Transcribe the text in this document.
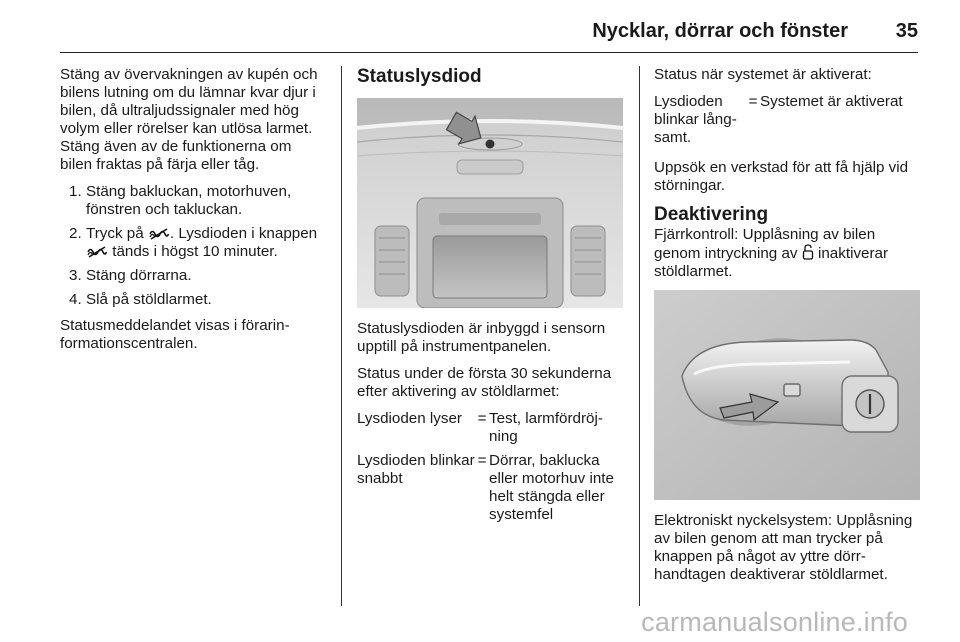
Nycklar, dörrar och fönster 35

Stäng av övervakningen av kupén och bilens lutning om du lämnar kvar djur i bilen, då ultraljudssignaler med hög volym eller rörelser kan utlösa larmet. Stäng även av de funktionerna om bilen fraktas på färja eller tåg.

1. Stäng bakluckan, motorhuven, fönstren och takluckan.
2. Tryck på . Lysdioden i knappen  tänds i högst 10 minuter.
3. Stäng dörrarna.
4. Slå på stöldlarmet.

Statusmeddelandet visas i förarinformationscentralen.

Statuslysdiod

Statuslysdioden är inbyggd i sensorn upptill på instrumentpanelen.

Status under de första 30 sekunderna efter aktivering av stöldlarmet:

Lysdioden lyser	=	Test, larmfördröjning
Lysdioden blinkar snabbt	=	Dörrar, baklucka eller motorhuv inte helt stängda eller systemfel

Status när systemet är aktiverat:

Lysdioden blinkar långsamt.	=	Systemet är aktiverat

Uppsök en verkstad för att få hjälp vid störningar.

Deaktivering

Fjärrkontroll: Upplåsning av bilen genom intryckning av inaktiverar stöldlarmet.

Elektroniskt nyckelsystem: Upplåsning av bilen genom att man trycker på knappen på något av yttre dörrhandtagen deaktiverar stöldlarmet.

carmanualsonline.info
